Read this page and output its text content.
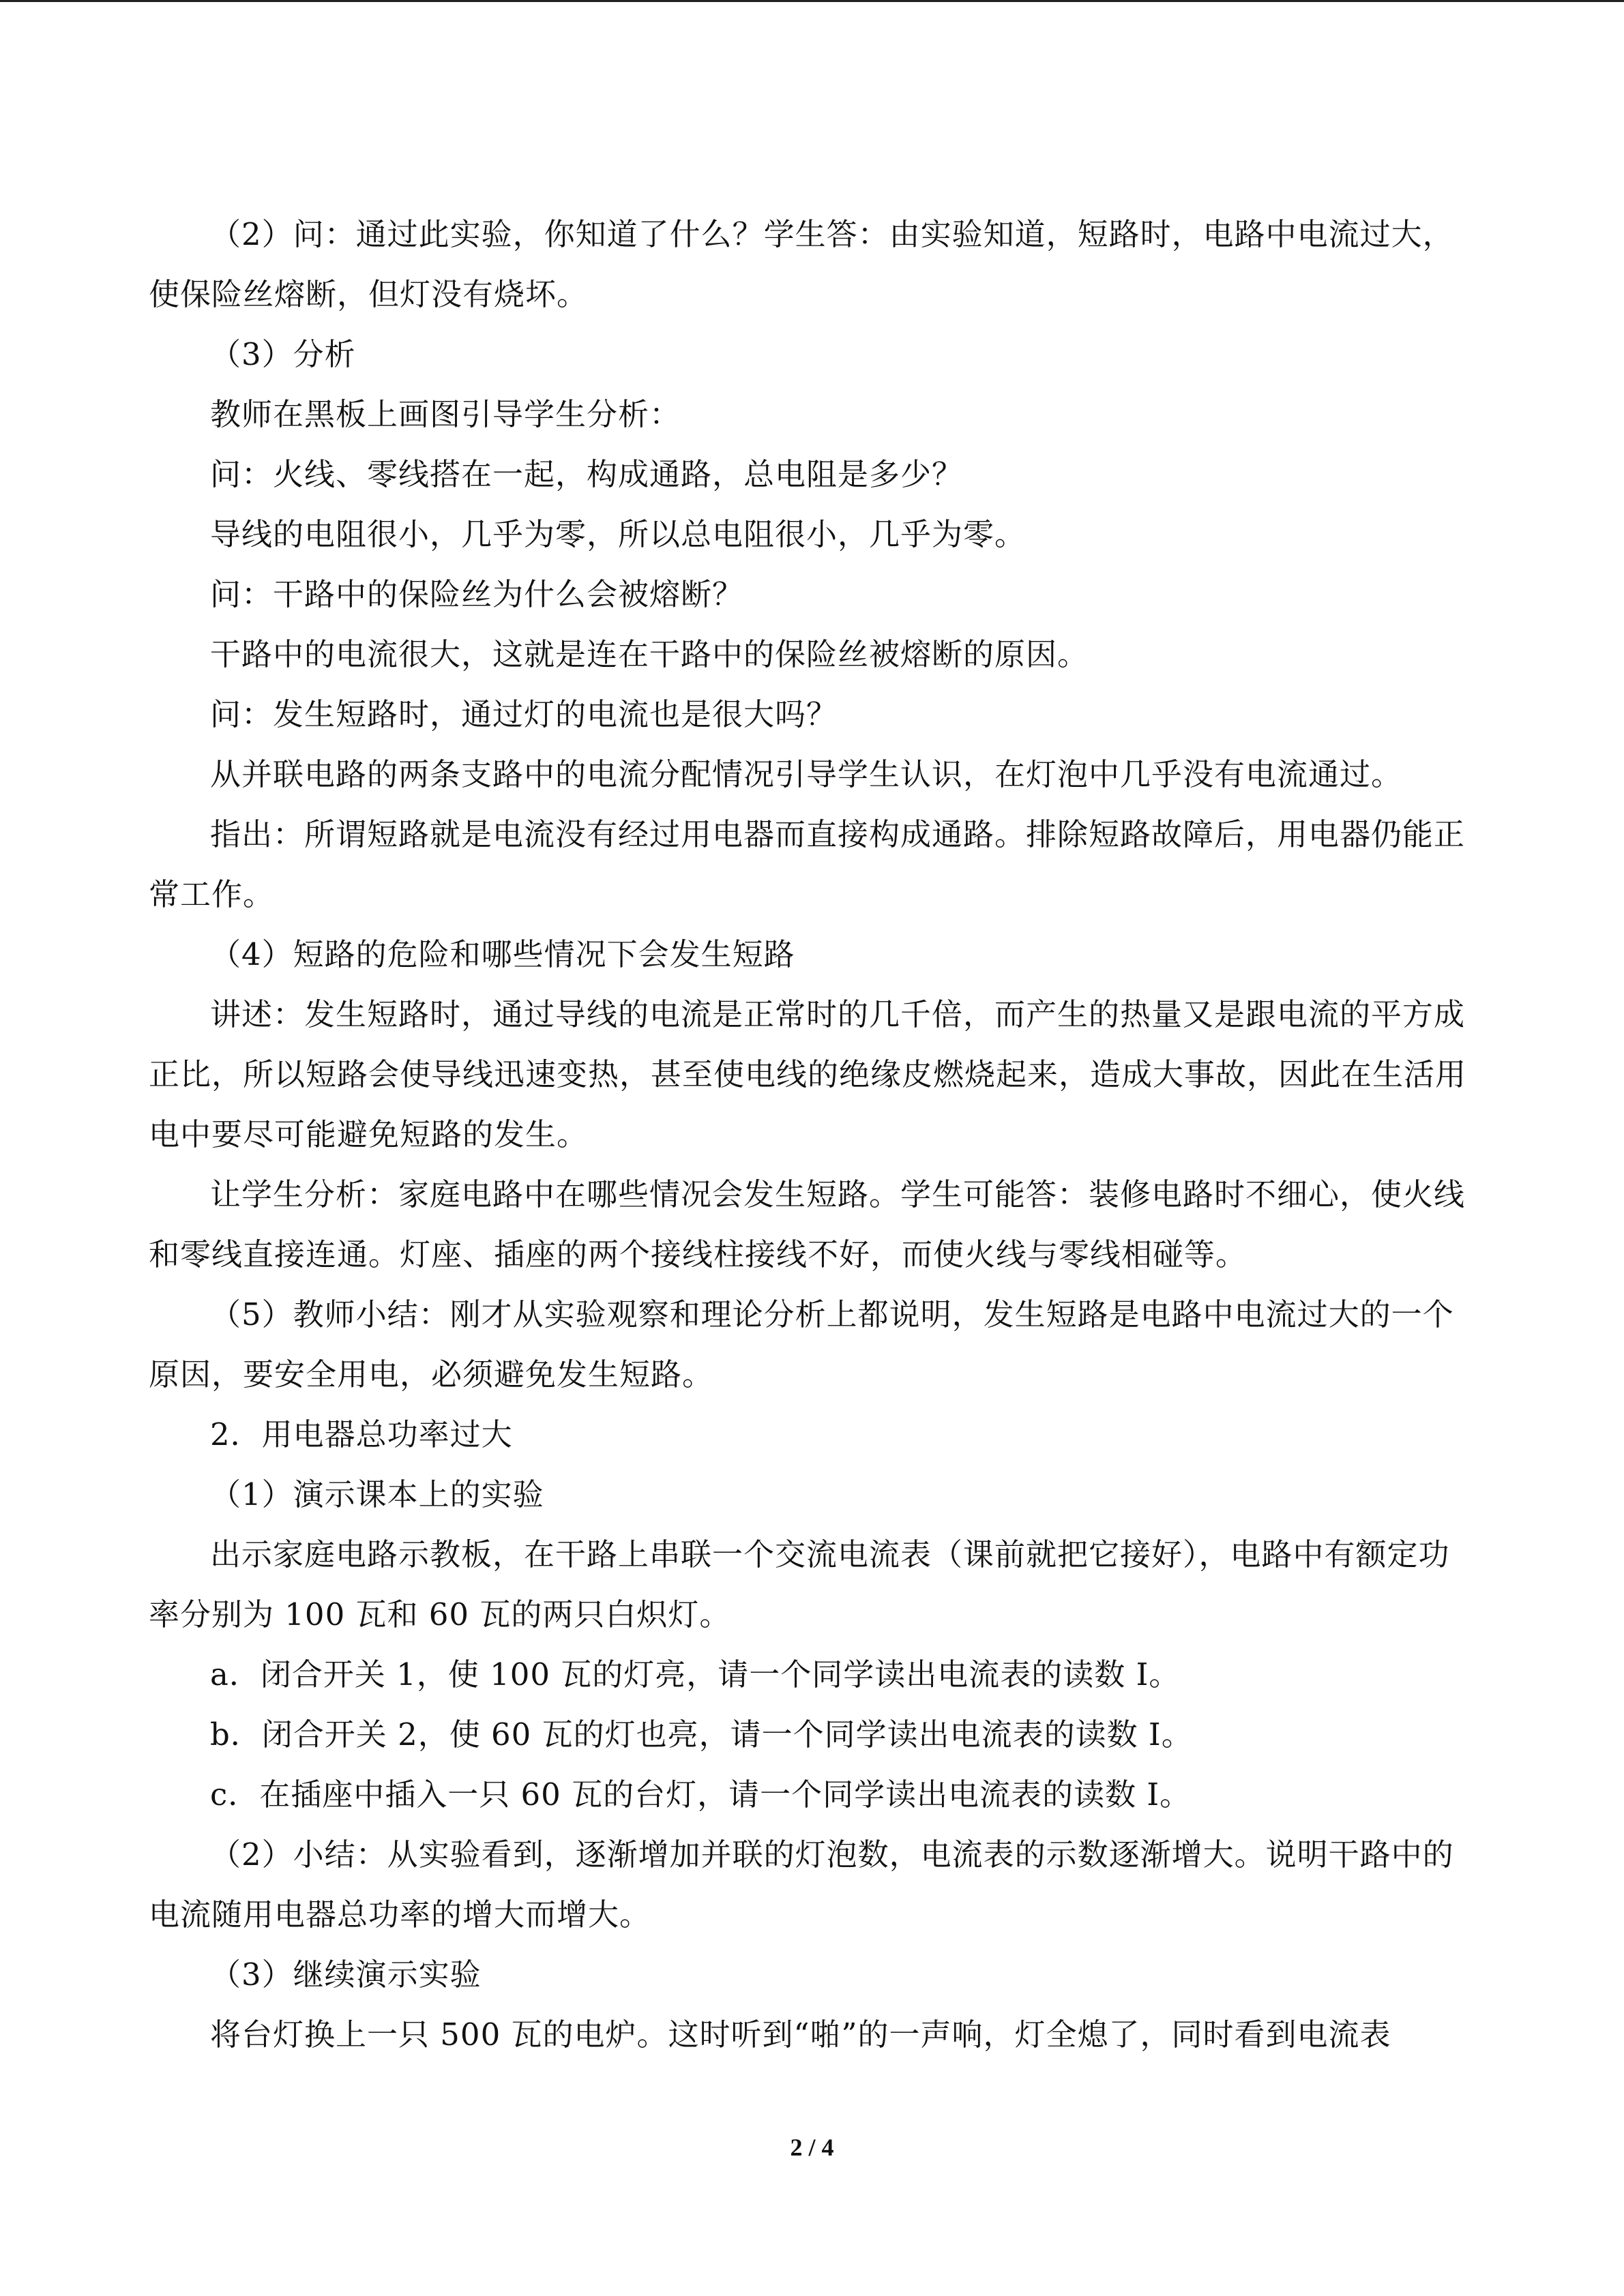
（2）问：通过此实验，你知道了什么？学生答：由实验知道，短路时，电路中电流过大，使保险丝熔断，但灯没有烧坏。

（3）分析

教师在黑板上画图引导学生分析：

问：火线、零线搭在一起，构成通路，总电阻是多少？

导线的电阻很小，几乎为零，所以总电阻很小，几乎为零。

问：干路中的保险丝为什么会被熔断？

干路中的电流很大，这就是连在干路中的保险丝被熔断的原因。

问：发生短路时，通过灯的电流也是很大吗？

从并联电路的两条支路中的电流分配情况引导学生认识，在灯泡中几乎没有电流通过。

指出：所谓短路就是电流没有经过用电器而直接构成通路。排除短路故障后，用电器仍能正常工作。

（4）短路的危险和哪些情况下会发生短路

讲述：发生短路时，通过导线的电流是正常时的几千倍，而产生的热量又是跟电流的平方成正比，所以短路会使导线迅速变热，甚至使电线的绝缘皮燃烧起来，造成大事故，因此在生活用电中要尽可能避免短路的发生。

让学生分析：家庭电路中在哪些情况会发生短路。学生可能答：装修电路时不细心，使火线和零线直接连通。灯座、插座的两个接线柱接线不好，而使火线与零线相碰等。

（5）教师小结：刚才从实验观察和理论分析上都说明，发生短路是电路中电流过大的一个原因，要安全用电，必须避免发生短路。

2．用电器总功率过大

（1）演示课本上的实验

出示家庭电路示教板，在干路上串联一个交流电流表（课前就把它接好），电路中有额定功率分别为 100 瓦和 60 瓦的两只白炽灯。

a．闭合开关 1，使 100 瓦的灯亮，请一个同学读出电流表的读数 I。

b．闭合开关 2，使 60 瓦的灯也亮，请一个同学读出电流表的读数 I。

c．在插座中插入一只 60 瓦的台灯，请一个同学读出电流表的读数 I。

（2）小结：从实验看到，逐渐增加并联的灯泡数，电流表的示数逐渐增大。说明干路中的电流随用电器总功率的增大而增大。

（3）继续演示实验

将台灯换上一只 500 瓦的电炉。这时听到“啪”的一声响，灯全熄了，同时看到电流表

2 / 4
